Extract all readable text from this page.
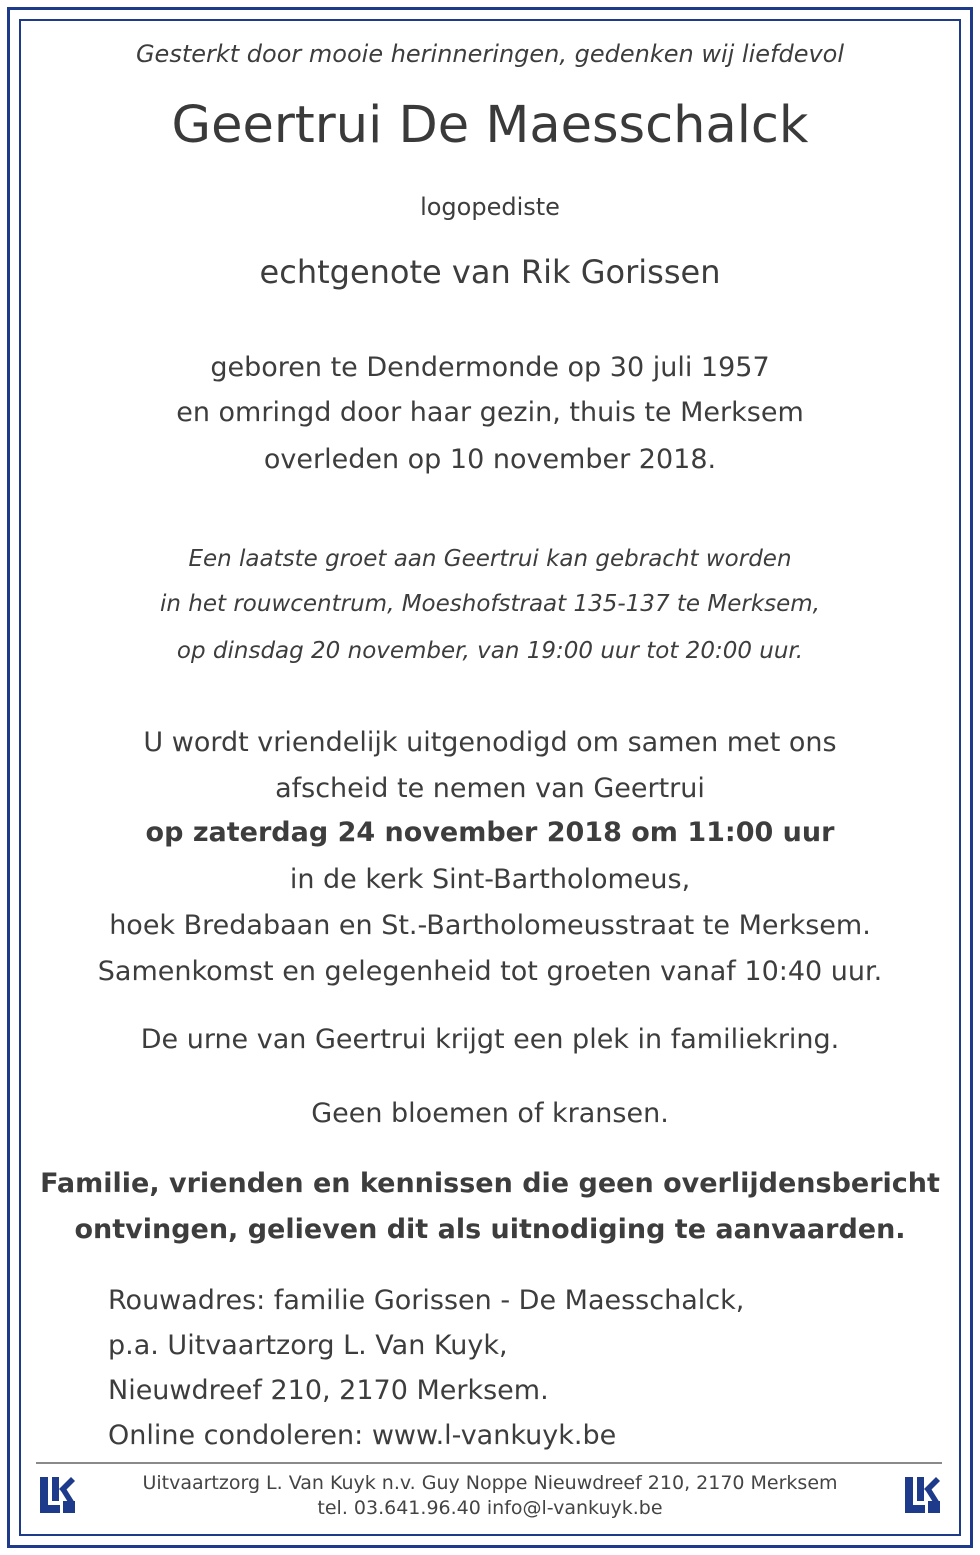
Gesterkt door mooie herinneringen, gedenken wij liefdevol
Geertrui De Maesschalck
logopediste
echtgenote van Rik Gorissen
geboren te Dendermonde op 30 juli 1957
en omringd door haar gezin, thuis te Merksem
overleden op 10 november 2018.
Een laatste groet aan Geertrui kan gebracht worden
in het rouwcentrum, Moeshofstraat 135-137 te Merksem,
op dinsdag 20 november, van 19:00 uur tot 20:00 uur.
U wordt vriendelijk uitgenodigd om samen met ons
afscheid te nemen van Geertrui
op zaterdag 24 november 2018 om 11:00 uur
in de kerk Sint-Bartholomeus,
hoek Bredabaan en St.-Bartholomeusstraat te Merksem.
Samenkomst en gelegenheid tot groeten vanaf 10:40 uur.
De urne van Geertrui krijgt een plek in familiekring.
Geen bloemen of kransen.
Familie, vrienden en kennissen die geen overlijdensbericht
ontvingen, gelieven dit als uitnodiging te aanvaarden.
Rouwadres: familie Gorissen - De Maesschalck,
p.a. Uitvaartzorg L. Van Kuyk,
Nieuwdreef 210, 2170 Merksem.
Online condoleren: www.l-vankuyk.be
Uitvaartzorg L. Van Kuyk n.v. Guy Noppe Nieuwdreef 210, 2170 Merksem
tel. 03.641.96.40 info@l-vankuyk.be
